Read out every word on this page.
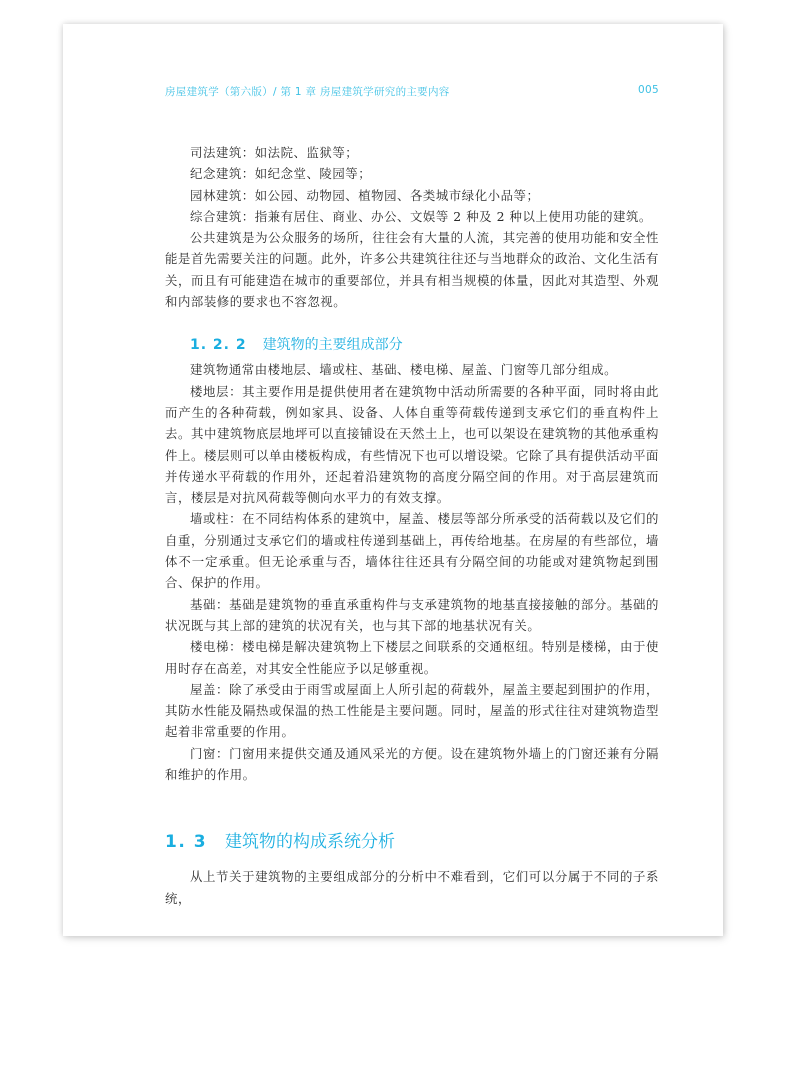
房屋建筑学（第六版）/ 第 1 章 房屋建筑学研究的主要内容	005

司法建筑：如法院、监狱等；

纪念建筑：如纪念堂、陵园等；

园林建筑：如公园、动物园、植物园、各类城市绿化小品等；

综合建筑：指兼有居住、商业、办公、文娱等 2 种及 2 种以上使用功能的建筑。

公共建筑是为公众服务的场所，往往会有大量的人流，其完善的使用功能和安全性能是首先需要关注的问题。此外，许多公共建筑往往还与当地群众的政治、文化生活有关，而且有可能建造在城市的重要部位，并具有相当规模的体量，因此对其造型、外观和内部装修的要求也不容忽视。

1. 2. 2 建筑物的主要组成部分

建筑物通常由楼地层、墙或柱、基础、楼电梯、屋盖、门窗等几部分组成。

楼地层：其主要作用是提供使用者在建筑物中活动所需要的各种平面，同时将由此而产生的各种荷载，例如家具、设备、人体自重等荷载传递到支承它们的垂直构件上去。其中建筑物底层地坪可以直接铺设在天然土上，也可以架设在建筑物的其他承重构件上。楼层则可以单由楼板构成，有些情况下也可以增设梁。它除了具有提供活动平面并传递水平荷载的作用外，还起着沿建筑物的高度分隔空间的作用。对于高层建筑而言，楼层是对抗风荷载等侧向水平力的有效支撑。

墙或柱：在不同结构体系的建筑中，屋盖、楼层等部分所承受的活荷载以及它们的自重，分别通过支承它们的墙或柱传递到基础上，再传给地基。在房屋的有些部位，墙体不一定承重。但无论承重与否，墙体往往还具有分隔空间的功能或对建筑物起到围合、保护的作用。

基础：基础是建筑物的垂直承重构件与支承建筑物的地基直接接触的部分。基础的状况既与其上部的建筑的状况有关，也与其下部的地基状况有关。

楼电梯：楼电梯是解决建筑物上下楼层之间联系的交通枢纽。特别是楼梯，由于使用时存在高差，对其安全性能应予以足够重视。

屋盖：除了承受由于雨雪或屋面上人所引起的荷载外，屋盖主要起到围护的作用，其防水性能及隔热或保温的热工性能是主要问题。同时，屋盖的形式往往对建筑物造型起着非常重要的作用。

门窗：门窗用来提供交通及通风采光的方便。设在建筑物外墙上的门窗还兼有分隔和维护的作用。

1. 3 建筑物的构成系统分析

从上节关于建筑物的主要组成部分的分析中不难看到，它们可以分属于不同的子系统，
